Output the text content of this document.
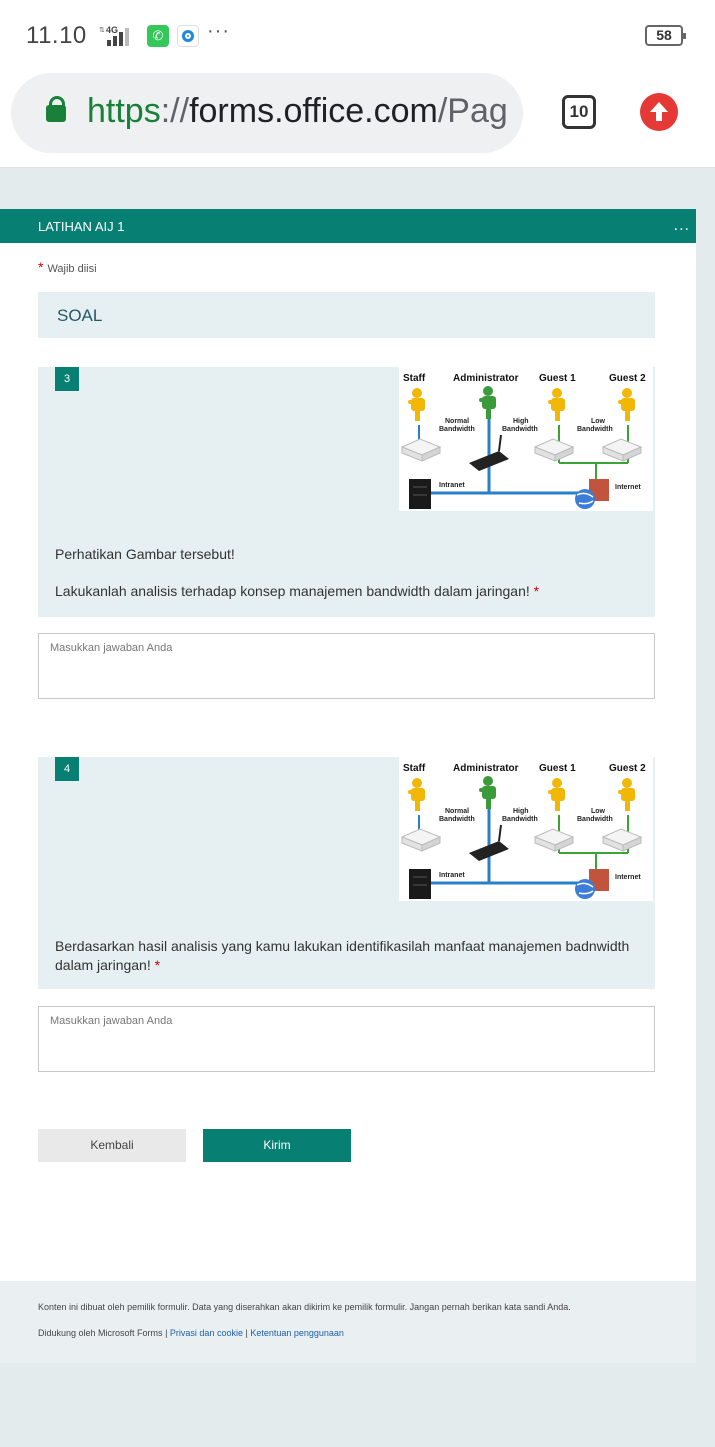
11.10 4G
⇅	✆ ···	58
https://forms.office.com/Pag	10
LATIHAN AIJ 1	...
* Wajib diisi
SOAL
3	Staff	Administrator Guest 1	Guest 2
Normal
Bandwidth
High
Bandwidth
Low
Bandwidth
Intranet	Internet
Perhatikan Gambar tersebut!
Lakukanlah analisis terhadap konsep manajemen bandwidth dalam jaringan! *
Masukkan jawaban Anda
4	Staff	Administrator Guest 1	Guest 2
Normal
Bandwidth
High
Bandwidth
Low
Bandwidth
Intranet	Internet
Berdasarkan hasil analisis yang kamu lakukan identifikasilah manfaat manajemen badnwidth dalam jaringan! *
Masukkan jawaban Anda
Kembali	Kirim
Konten ini dibuat oleh pemilik formulir. Data yang diserahkan akan dikirim ke pemilik formulir. Jangan pernah berikan kata sandi Anda.
Didukung oleh Microsoft Forms | Privasi dan cookie | Ketentuan penggunaan
